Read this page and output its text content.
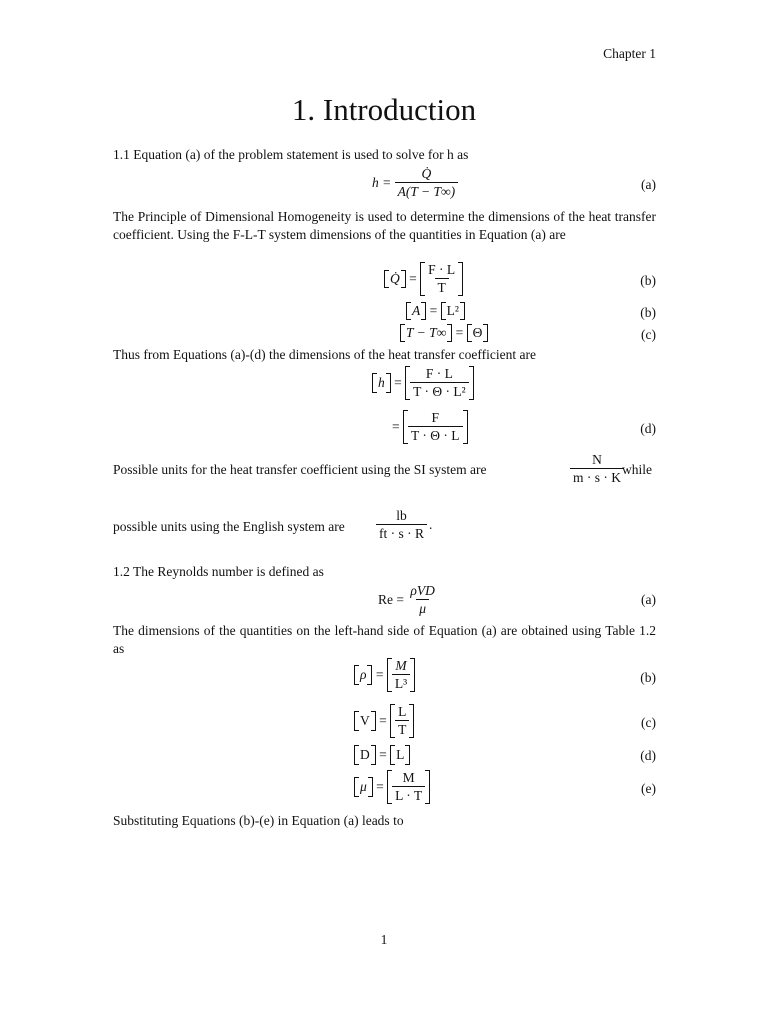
Chapter 1
1. Introduction
1.1 Equation (a) of the problem statement is used to solve for h as
h =
$\frac{Q̇}{A(T - T\infty)}$	(a)
The Principle of Dimensional Homogeneity is used to determine the dimensions of the heat transfer coefficient. Using the F-L-T system dimensions of the quantities in Equation (a) are
Q̇ = $\frac{F \cdot L}{T}$	(b)
A = L²	(b)
T − T∞ = Θ	(c)
Thus from Equations (a)-(d) the dimensions of the heat transfer coefficient are
$h = \frac{F \cdot L}{\text{T · Θ · L²}}$
= $\frac{F}{T \cdot \Theta \cdot L}$	(d)
Possible units for the heat transfer coefficient using the SI system are	$\frac{N}{m \cdot s \cdot K}$
while
possible units using the English system are $\frac{lb}{ft \cdot s \cdot R}$ .
1.2 The Reynolds number is defined as
Re =
$\frac{\text{ρVD}}{\mu}$	(a)
The dimensions of the quantities on the left-hand side of Equation (a) are obtained using Table 1.2 as
$\rho = \frac{M}{\text{L³}}$	(b)
$V = \frac{L}{T}$	(c)
D = L	(d)
$\mu = \frac{M}{L \cdot T}$	(e)
Substituting Equations (b)-(e) in Equation (a) leads to
1
